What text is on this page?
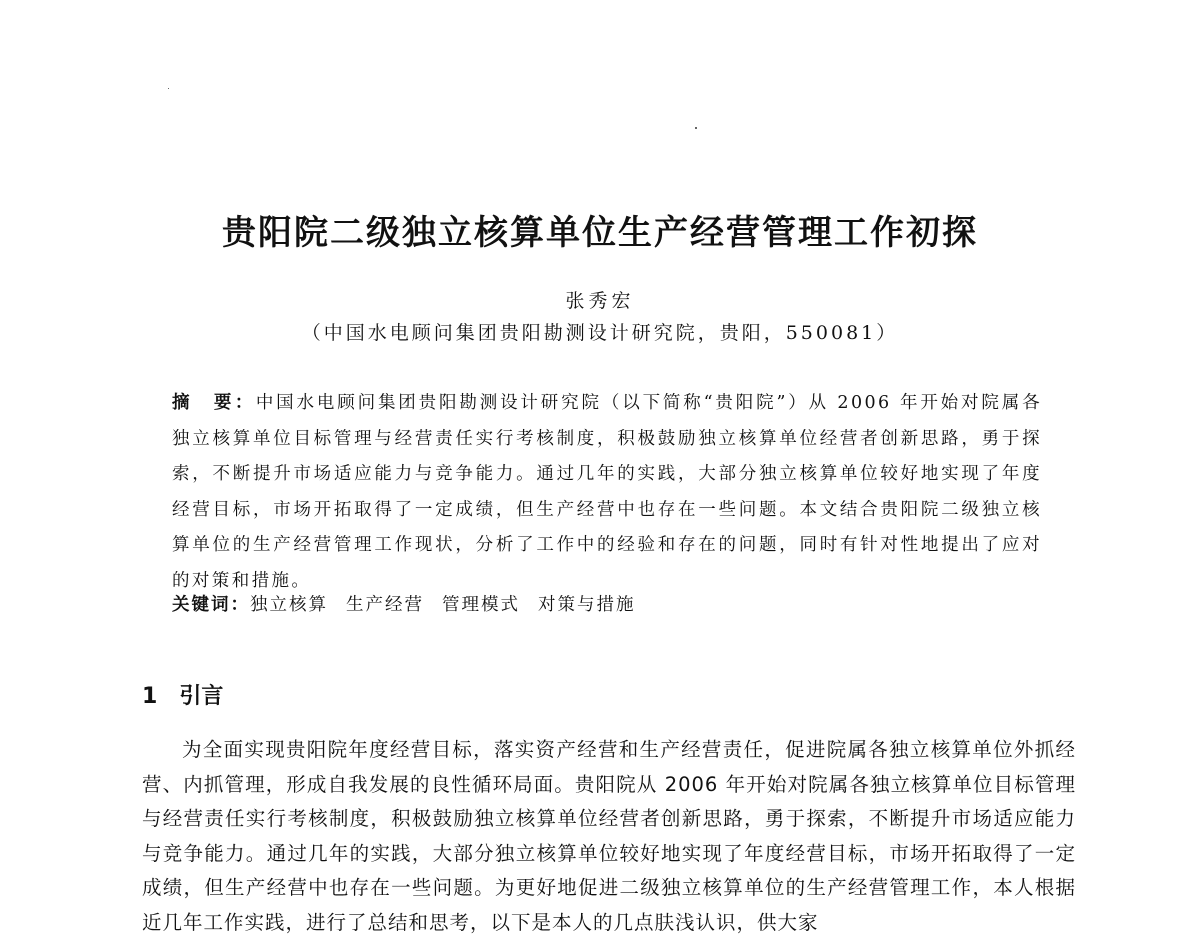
贵阳院二级独立核算单位生产经营管理工作初探
张秀宏
（中国水电顾问集团贵阳勘测设计研究院，贵阳，550081）
摘　要：中国水电顾问集团贵阳勘测设计研究院（以下简称“贵阳院”）从 2006 年开始对院属各独立核算单位目标管理与经营责任实行考核制度，积极鼓励独立核算单位经营者创新思路，勇于探索，不断提升市场适应能力与竞争能力。通过几年的实践，大部分独立核算单位较好地实现了年度经营目标，市场开拓取得了一定成绩，但生产经营中也存在一些问题。本文结合贵阳院二级独立核算单位的生产经营管理工作现状，分析了工作中的经验和存在的问题，同时有针对性地提出了应对的对策和措施。
关键词：独立核算 生产经营 管理模式 对策与措施
1 引言
为全面实现贵阳院年度经营目标，落实资产经营和生产经营责任，促进院属各独立核算单位外抓经营、内抓管理，形成自我发展的良性循环局面。贵阳院从 2006 年开始对院属各独立核算单位目标管理与经营责任实行考核制度，积极鼓励独立核算单位经营者创新思路，勇于探索，不断提升市场适应能力与竞争能力。通过几年的实践，大部分独立核算单位较好地实现了年度经营目标，市场开拓取得了一定成绩，但生产经营中也存在一些问题。为更好地促进二级独立核算单位的生产经营管理工作，本人根据近几年工作实践，进行了总结和思考，以下是本人的几点肤浅认识，供大家
